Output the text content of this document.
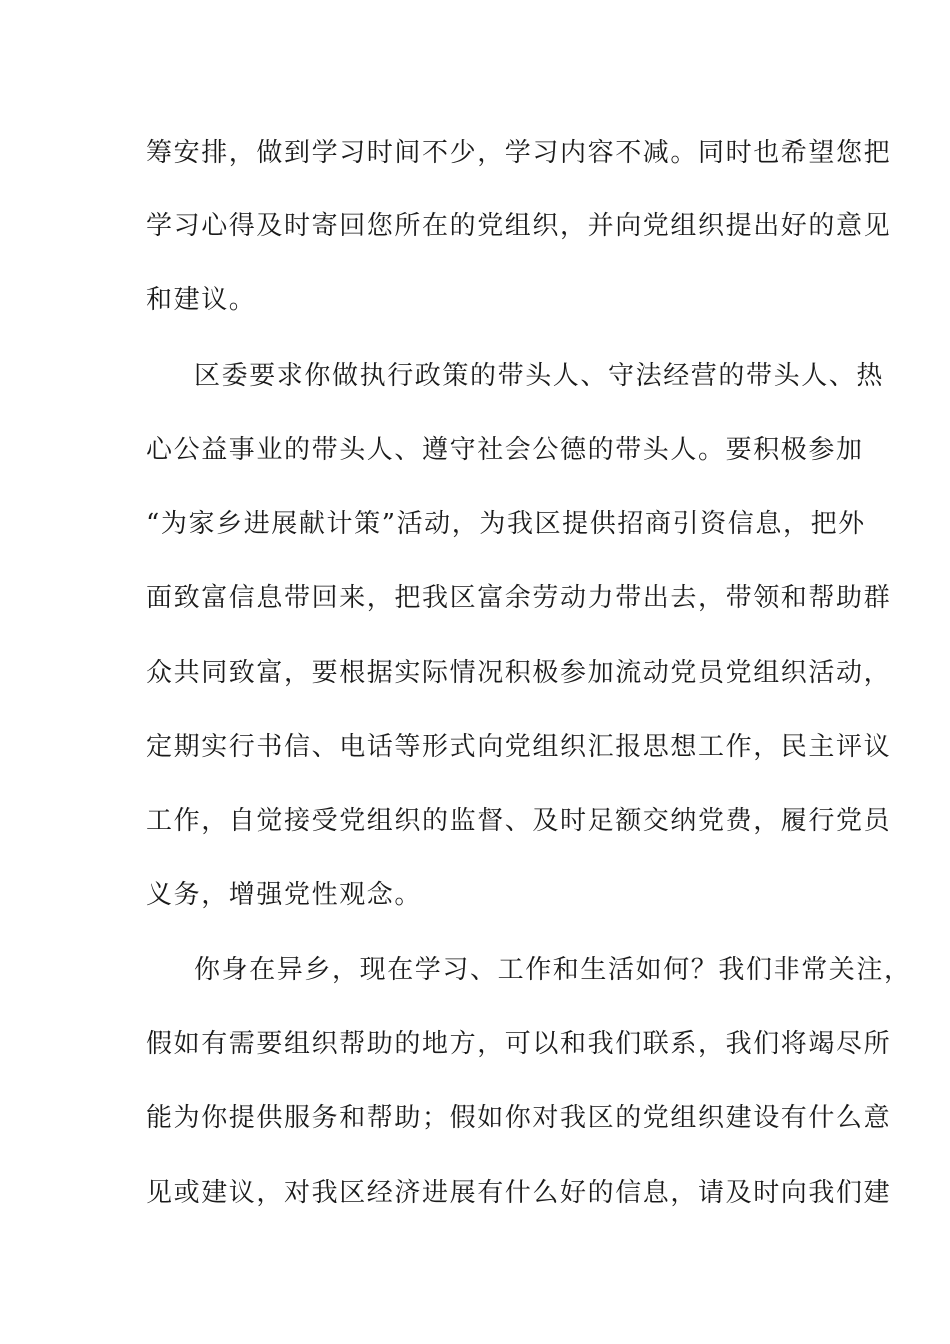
筹安排，做到学习时间不少，学习内容不减。同时也希望您把
学习心得及时寄回您所在的党组织，并向党组织提出好的意见
和建议。
区委要求你做执行政策的带头人、守法经营的带头人、热
心公益事业的带头人、遵守社会公德的带头人。要积极参加
“为家乡进展献计策”活动，为我区提供招商引资信息，把外
面致富信息带回来，把我区富余劳动力带出去，带领和帮助群
众共同致富，要根据实际情况积极参加流动党员党组织活动，
定期实行书信、电话等形式向党组织汇报思想工作，民主评议
工作，自觉接受党组织的监督、及时足额交纳党费，履行党员
义务，增强党性观念。
你身在异乡，现在学习、工作和生活如何？我们非常关注，
假如有需要组织帮助的地方，可以和我们联系，我们将竭尽所
能为你提供服务和帮助；假如你对我区的党组织建设有什么意
见或建议，对我区经济进展有什么好的信息，请及时向我们建
